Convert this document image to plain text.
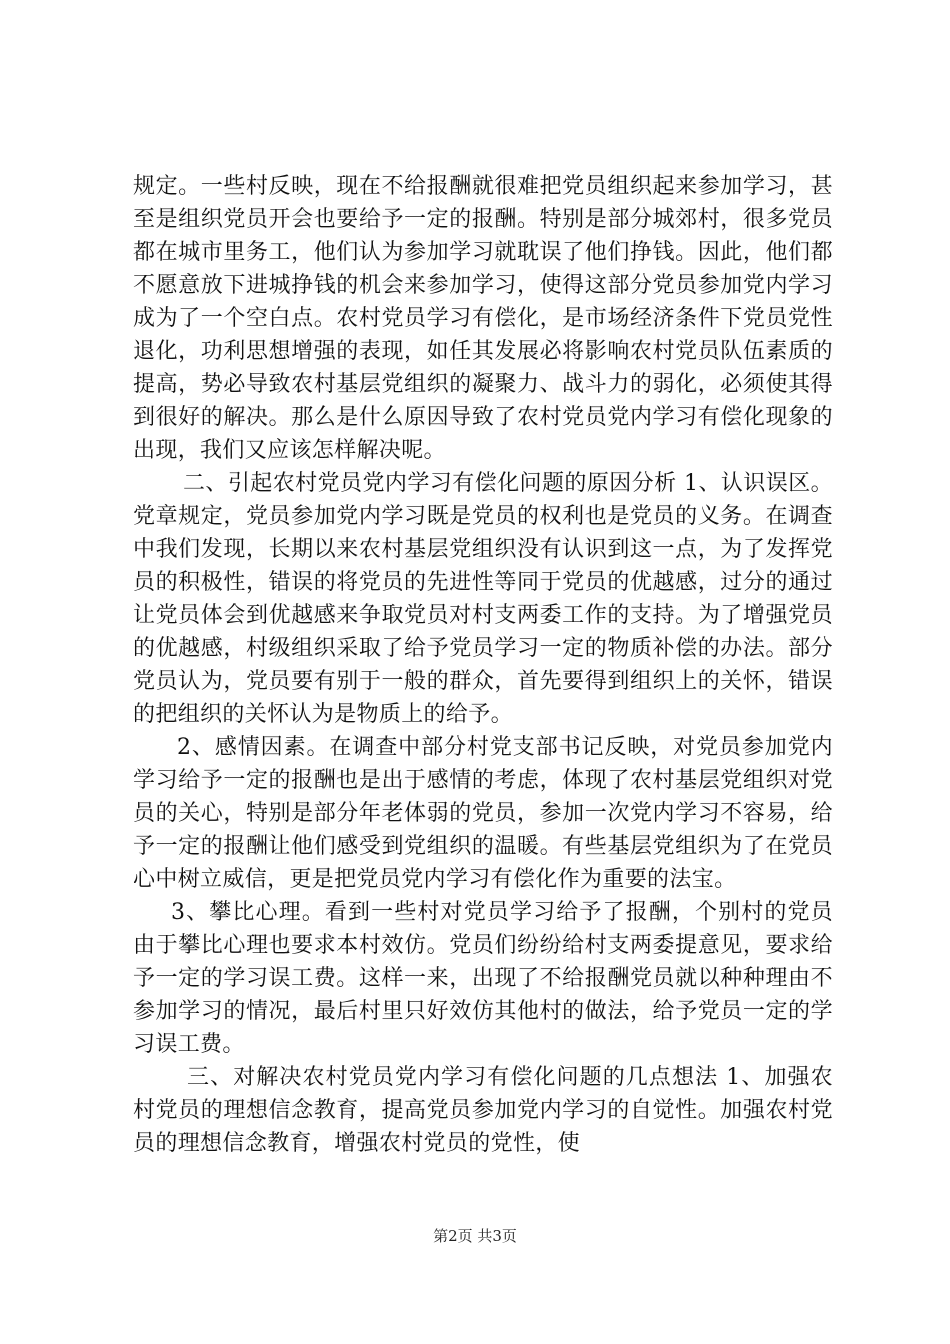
规定。一些村反映，现在不给报酬就很难把党员组织起来参加学习，甚至是组织党员开会也要给予一定的报酬。特别是部分城郊村，很多党员都在城市里务工，他们认为参加学习就耽误了他们挣钱。因此，他们都不愿意放下进城挣钱的机会来参加学习，使得这部分党员参加党内学习成为了一个空白点。农村党员学习有偿化，是市场经济条件下党员党性退化，功利思想增强的表现，如任其发展必将影响农村党员队伍素质的提高，势必导致农村基层党组织的凝聚力、战斗力的弱化，必须使其得到很好的解决。那么是什么原因导致了农村党员党内学习有偿化现象的出现，我们又应该怎样解决呢。

二、引起农村党员党内学习有偿化问题的原因分析 1、认识误区。党章规定，党员参加党内学习既是党员的权利也是党员的义务。在调查中我们发现，长期以来农村基层党组织没有认识到这一点，为了发挥党员的积极性，错误的将党员的先进性等同于党员的优越感，过分的通过让党员体会到优越感来争取党员对村支两委工作的支持。为了增强党员的优越感，村级组织采取了给予党员学习一定的物质补偿的办法。部分党员认为，党员要有别于一般的群众，首先要得到组织上的关怀，错误的把组织的关怀认为是物质上的给予。

2、感情因素。在调查中部分村党支部书记反映，对党员参加党内学习给予一定的报酬也是出于感情的考虑，体现了农村基层党组织对党员的关心，特别是部分年老体弱的党员，参加一次党内学习不容易，给予一定的报酬让他们感受到党组织的温暖。有些基层党组织为了在党员心中树立威信，更是把党员党内学习有偿化作为重要的法宝。

3、攀比心理。看到一些村对党员学习给予了报酬，个别村的党员由于攀比心理也要求本村效仿。党员们纷纷给村支两委提意见，要求给予一定的学习误工费。这样一来，出现了不给报酬党员就以种种理由不参加学习的情况，最后村里只好效仿其他村的做法，给予党员一定的学习误工费。

三、对解决农村党员党内学习有偿化问题的几点想法 1、加强农村党员的理想信念教育，提高党员参加党内学习的自觉性。加强农村党员的理想信念教育，增强农村党员的党性，使

第2页 共3页
